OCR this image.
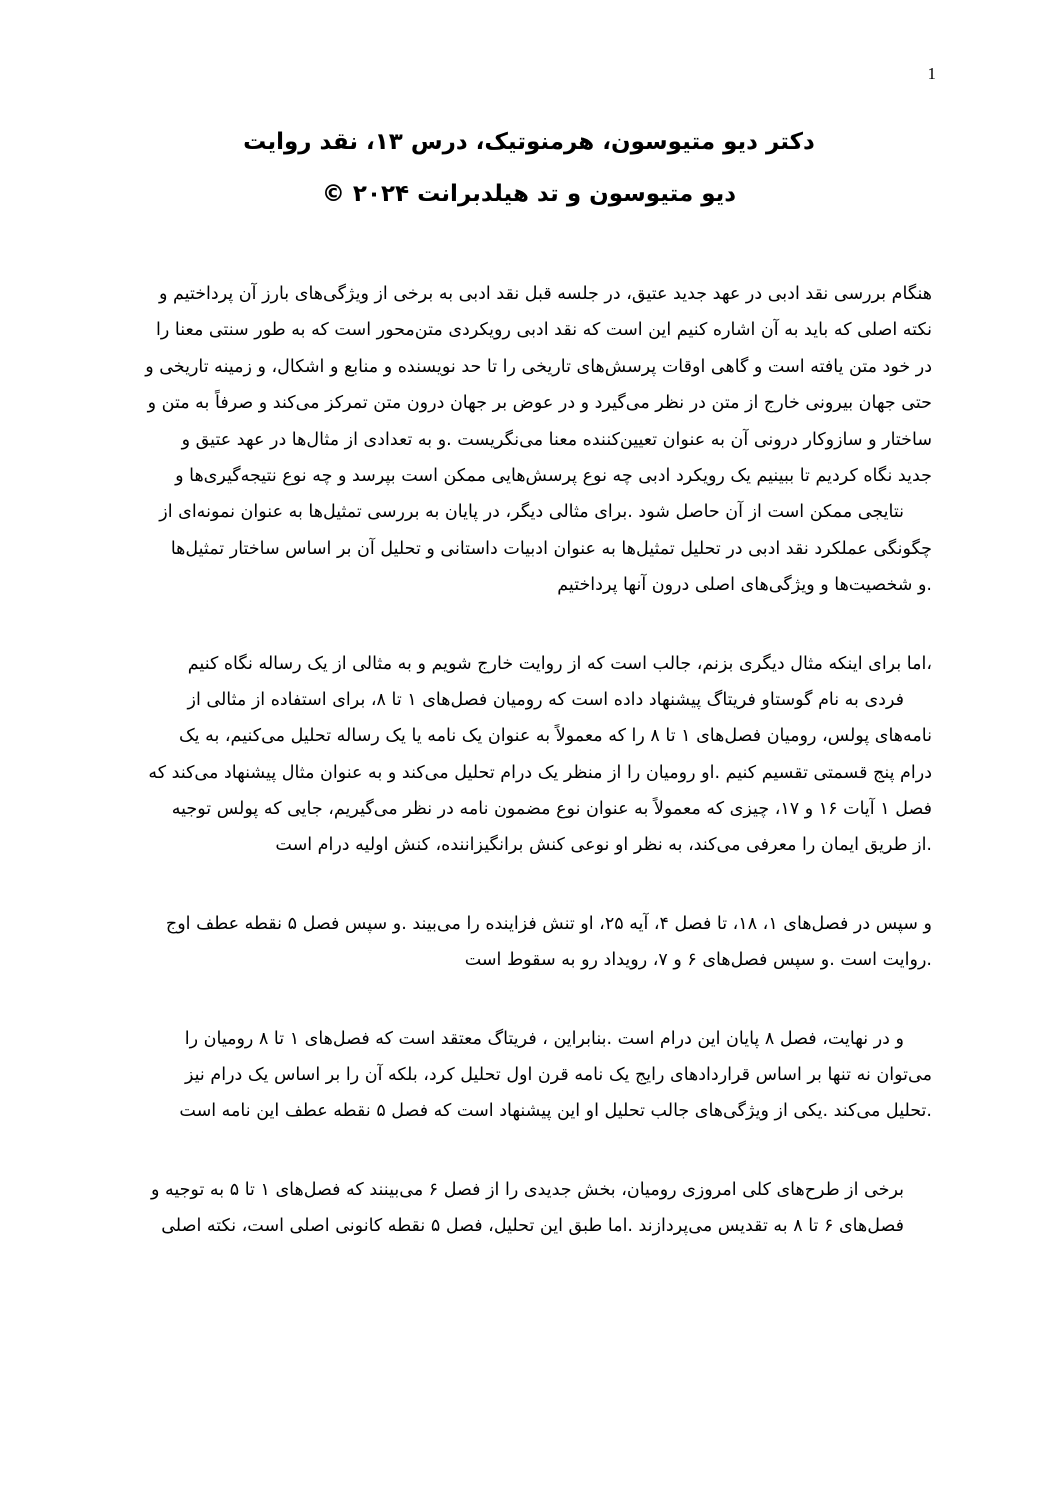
1
دکتر دیو متیوسون، هرمنوتیک، درس ۱۳، نقد روایت
دیو متیوسون و تد هیلدبرانت ۲۰۲۴ ©
هنگام بررسی نقد ادبی در عهد جدید عتیق، در جلسه قبل نقد ادبی به برخی از ویژگی‌های بارز آن پرداختیم و
نکته اصلی که باید به آن اشاره کنیم این است که نقد ادبی رویکردی متن‌محور است که به طور سنتی معنا را
در خود متن یافته است و گاهی اوقات پرسش‌های تاریخی را تا حد نویسنده و منابع و اشکال، و زمینه تاریخی و
حتی جهان بیرونی خارج از متن در نظر می‌گیرد و در عوض بر جهان درون متن تمرکز می‌کند و صرفاً به متن و
ساختار و سازوکار درونی آن به عنوان تعیین‌کننده معنا می‌نگریست .و به تعدادی از مثال‌ها در عهد عتیق و
جدید نگاه کردیم تا ببینیم یک رویکرد ادبی چه نوع پرسش‌هایی ممکن است بپرسد و چه نوع نتیجه‌گیری‌ها و
نتایجی ممکن است از آن حاصل شود .برای مثالی دیگر، در پایان به بررسی تمثیل‌ها به عنوان نمونه‌ای از
چگونگی عملکرد نقد ادبی در تحلیل تمثیل‌ها به عنوان ادبیات داستانی و تحلیل آن بر اساس ساختار تمثیل‌ها
.و شخصیت‌ها و ویژگی‌های اصلی درون آنها پرداختیم
،اما برای اینکه مثال دیگری بزنم، جالب است که از روایت خارج شویم و به مثالی از یک رساله نگاه کنیم
فردی به نام گوستاو فریتاگ پیشنهاد داده است که رومیان فصل‌های ۱ تا ۸، برای استفاده از مثالی از
نامه‌های پولس، رومیان فصل‌های ۱ تا ۸ را که معمولاً به عنوان یک نامه یا یک رساله تحلیل می‌کنیم، به یک
درام پنج قسمتی تقسیم کنیم .او رومیان را از منظر یک درام تحلیل می‌کند و به عنوان مثال پیشنهاد می‌کند که
فصل ۱ آیات ۱۶ و ۱۷، چیزی که معمولاً به عنوان نوع مضمون نامه در نظر می‌گیریم، جایی که پولس توجیه
.از طریق ایمان را معرفی می‌کند، به نظر او نوعی کنش برانگیزاننده، کنش اولیه درام است
و سپس در فصل‌های ۱، ۱۸، تا فصل ۴، آیه ۲۵، او تنش فزاینده را می‌بیند .و سپس فصل ۵ نقطه عطف اوج
.روایت است .و سپس فصل‌های ۶ و ۷، رویداد رو به سقوط است
و در نهایت، فصل ۸ پایان این درام است .بنابراین ، فریتاگ معتقد است که فصل‌های ۱ تا ۸ رومیان را
می‌توان نه تنها بر اساس قراردادهای رایج یک نامه قرن اول تحلیل کرد، بلکه آن را بر اساس یک درام نیز
.تحلیل می‌کند .یکی از ویژگی‌های جالب تحلیل او این پیشنهاد است که فصل ۵ نقطه عطف این نامه است
برخی از طرح‌های کلی امروزی رومیان، بخش جدیدی را از فصل ۶ می‌بینند که فصل‌های ۱ تا ۵ به توجیه و
فصل‌های ۶ تا ۸ به تقدیس می‌پردازند .اما طبق این تحلیل، فصل ۵ نقطه کانونی اصلی است، نکته اصلی
